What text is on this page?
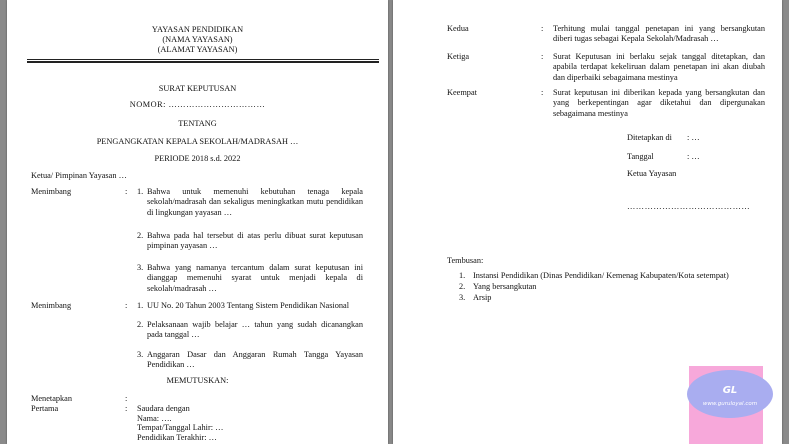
YAYASAN PENDIDIKAN
(NAMA YAYASAN)
(ALAMAT YAYASAN)
SURAT KEPUTUSAN
NOMOR: ……………………………
TENTANG
PENGANGKATAN KEPALA SEKOLAH/MADRASAH …
PERIODE 2018 s.d. 2022
Ketua/ Pimpinan Yayasan …
Menimbang	: 1. Bahwa untuk memenuhi kebutuhan tenaga kepala sekolah/madrasah dan sekaligus meningkatkan mutu pendidikan di lingkungan yayasan …
2. Bahwa pada hal tersebut di atas perlu dibuat surat keputusan pimpinan yayasan …
3. Bahwa yang namanya tercantum dalam surat keputusan ini dianggap memenuhi syarat untuk menjadi kepala di sekolah/madrasah …
Menimbang	: 1. UU No. 20 Tahun 2003 Tentang Sistem Pendidikan Nasional
2. Pelaksanaan wajib belajar … tahun yang sudah dicanangkan pada tanggal …
3. Anggaran Dasar dan Anggaran Rumah Tangga Yayasan Pendidikan …
MEMUTUSKAN:
Menetapkan	:
Pertama	: Saudara dengan
Nama: ….
Tempat/Tanggal Lahir: …
Pendidikan Terakhir: …
Kedua	: Terhitung mulai tanggal penetapan ini yang bersangkutan diberi tugas sebagai Kepala Sekolah/Madrasah …
Ketiga	: Surat Keputusan ini berlaku sejak tanggal ditetapkan, dan apabila terdapat kekeliruan dalam penetapan ini akan diubah dan diperbaiki sebagaimana mestinya
Keempat	: Surat keputusan ini diberikan kepada yang bersangkutan dan yang berkepentingan agar diketahui dan dipergunakan sebagaimana mestinya
Ditetapkan di : …
Tanggal	: …
Ketua Yayasan
……………………………………
Tembusan:
1. Instansi Pendidikan (Dinas Pendidikan/ Kemenag Kabupaten/Kota setempat)
2. Yang bersangkutan
3. Arsip
GL
www.guruloyal.com
